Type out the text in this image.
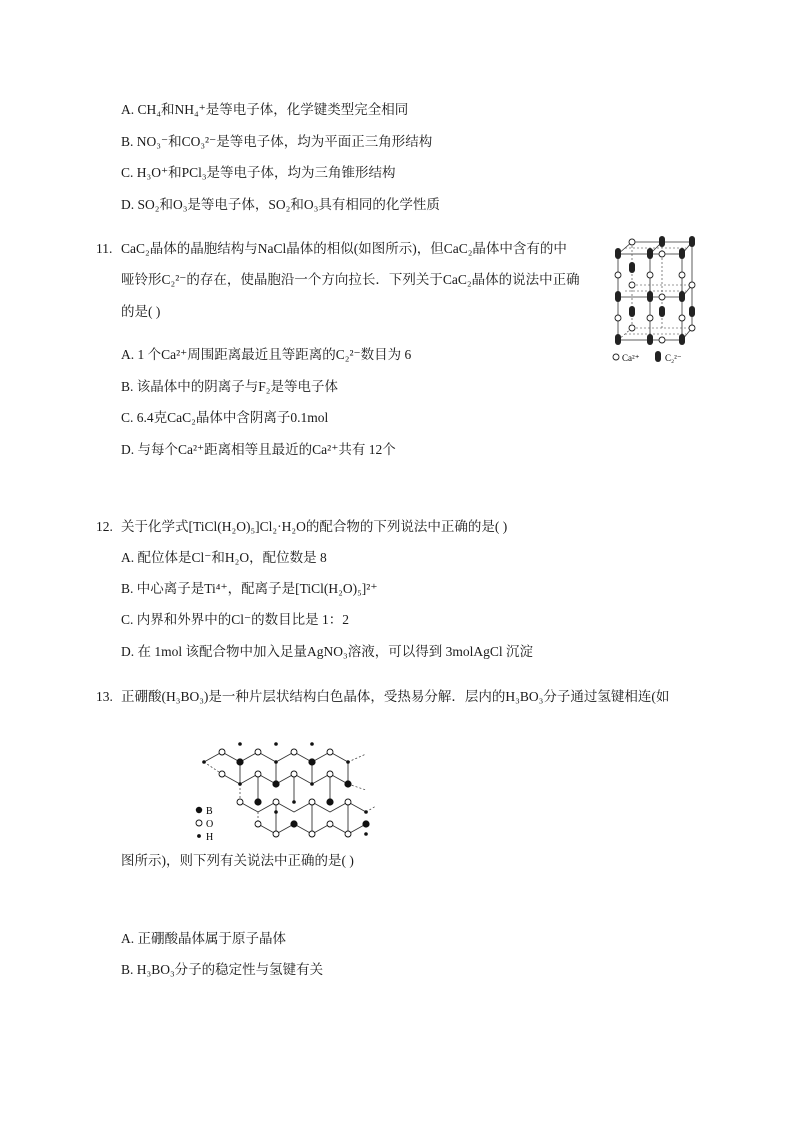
A. CH₄和NH₄⁺是等电子体，化学键类型完全相同
B. NO₃⁻和CO₃²⁻是等电子体，均为平面正三角形结构
C. H₃O⁺和PCl₃是等电子体，均为三角锥形结构
D. SO₂和O₃是等电子体，SO₂和O₃具有相同的化学性质
11. CaC₂晶体的晶胞结构与NaCl晶体的相似(如图所示)，但CaC₂晶体中含有的中
哑铃形C₂²⁻的存在，使晶胞沿一个方向拉长．下列关于CaC₂晶体的说法中正确
的是( )
A. 1 个Ca²⁺周围距离最近且等距离的C₂²⁻数目为 6
B. 该晶体中的阴离子与F₂是等电子体
C. 6.4克CaC₂晶体中含阴离子0.1mol
D. 与每个Ca²⁺距离相等且最近的Ca²⁺共有 12个
Ca²⁺	C₂²⁻
12. 关于化学式[TiCl(H₂O)₅]Cl₂·H₂O的配合物的下列说法中正确的是( )
A. 配位体是Cl⁻和H₂O，配位数是 8
B. 中心离子是Ti⁴⁺，配离子是[TiCl(H₂O)₅]²⁺
C. 内界和外界中的Cl⁻的数目比是 1：2
D. 在 1mol 该配合物中加入足量AgNO₃溶液，可以得到 3molAgCl 沉淀
13. 正硼酸(H₃BO₃)是一种片层状结构白色晶体，受热易分解．层内的H₃BO₃分子通过氢键相连(如
B
O
H
图所示)，则下列有关说法中正确的是( )
A. 正硼酸晶体属于原子晶体
B. H₃BO₃分子的稳定性与氢键有关
